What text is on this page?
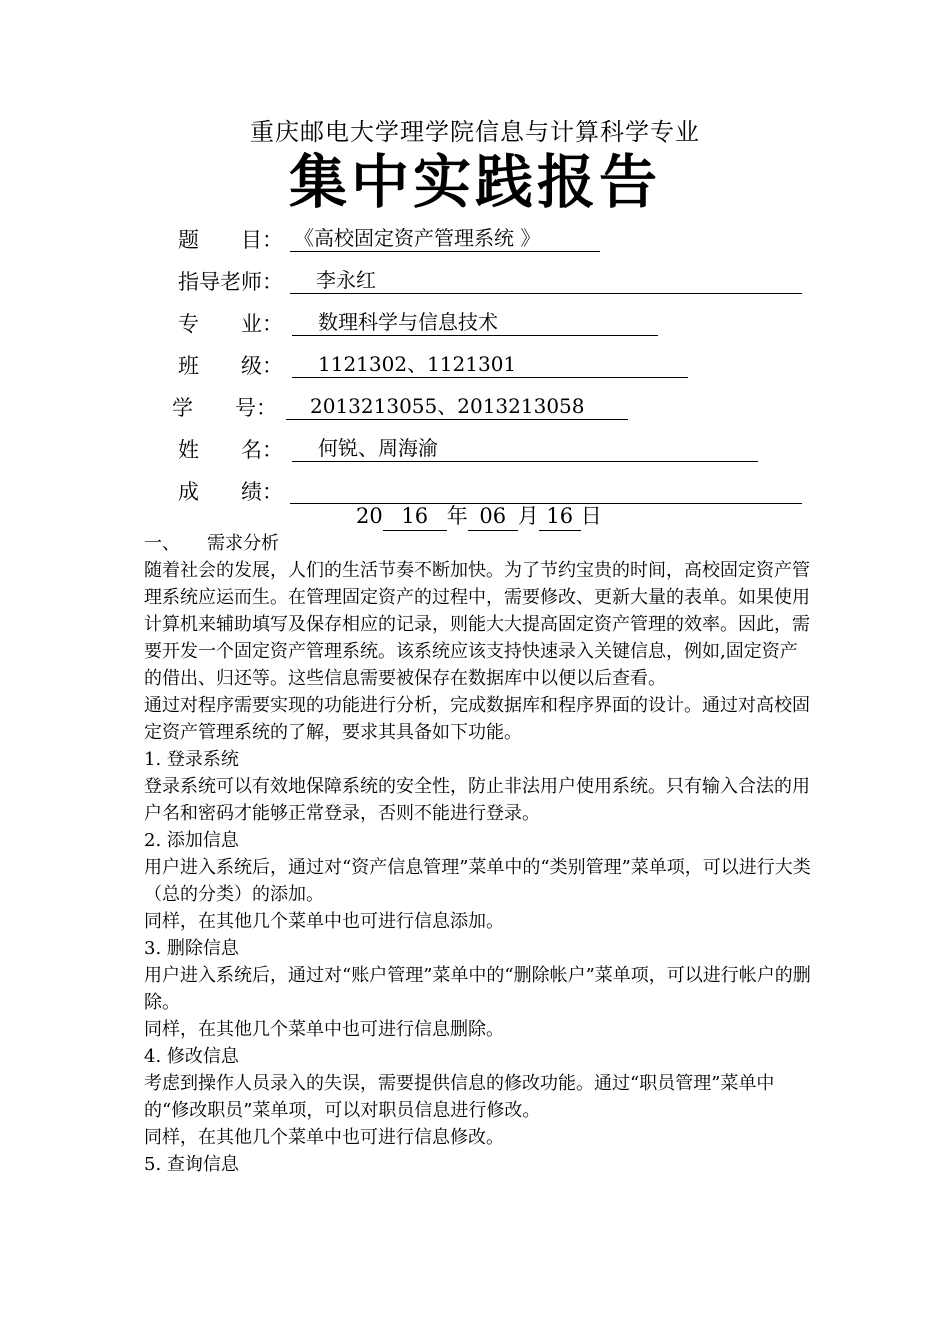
重庆邮电大学理学院信息与计算科学专业
集中实践报告
题　　目： 《高校固定资产管理系统 》
指导老师：	李永红
专　　业：	数理科学与信息技术
班　　级：	1121302、1121301
学　　号：	2013213055、2013213058
姓　　名：	何锐、周海渝
成　　绩：
20 16 年 06 月 16 日

一、　　需求分析

随着社会的发展，人们的生活节奏不断加快。为了节约宝贵的时间，高校固定资产管理系统应运而生。在管理固定资产的过程中，需要修改、更新大量的表单。如果使用计算机来辅助填写及保存相应的记录，则能大大提高固定资产管理的效率。因此，需要开发一个固定资产管理系统。该系统应该支持快速录入关键信息，例如,固定资产的借出、归还等。这些信息需要被保存在数据库中以便以后查看。

通过对程序需要实现的功能进行分析，完成数据库和程序界面的设计。通过对高校固定资产管理系统的了解，要求其具备如下功能。

1. 登录系统

登录系统可以有效地保障系统的安全性，防止非法用户使用系统。只有输入合法的用户名和密码才能够正常登录，否则不能进行登录。

2. 添加信息

用户进入系统后，通过对“资产信息管理”菜单中的“类别管理”菜单项，可以进行大类（总的分类）的添加。

同样，在其他几个菜单中也可进行信息添加。

3. 删除信息

用户进入系统后，通过对“账户管理”菜单中的“删除帐户”菜单项，可以进行帐户的删除。

同样，在其他几个菜单中也可进行信息删除。

4. 修改信息

考虑到操作人员录入的失误，需要提供信息的修改功能。通过“职员管理”菜单中的“修改职员”菜单项，可以对职员信息进行修改。

同样，在其他几个菜单中也可进行信息修改。

5. 查询信息
